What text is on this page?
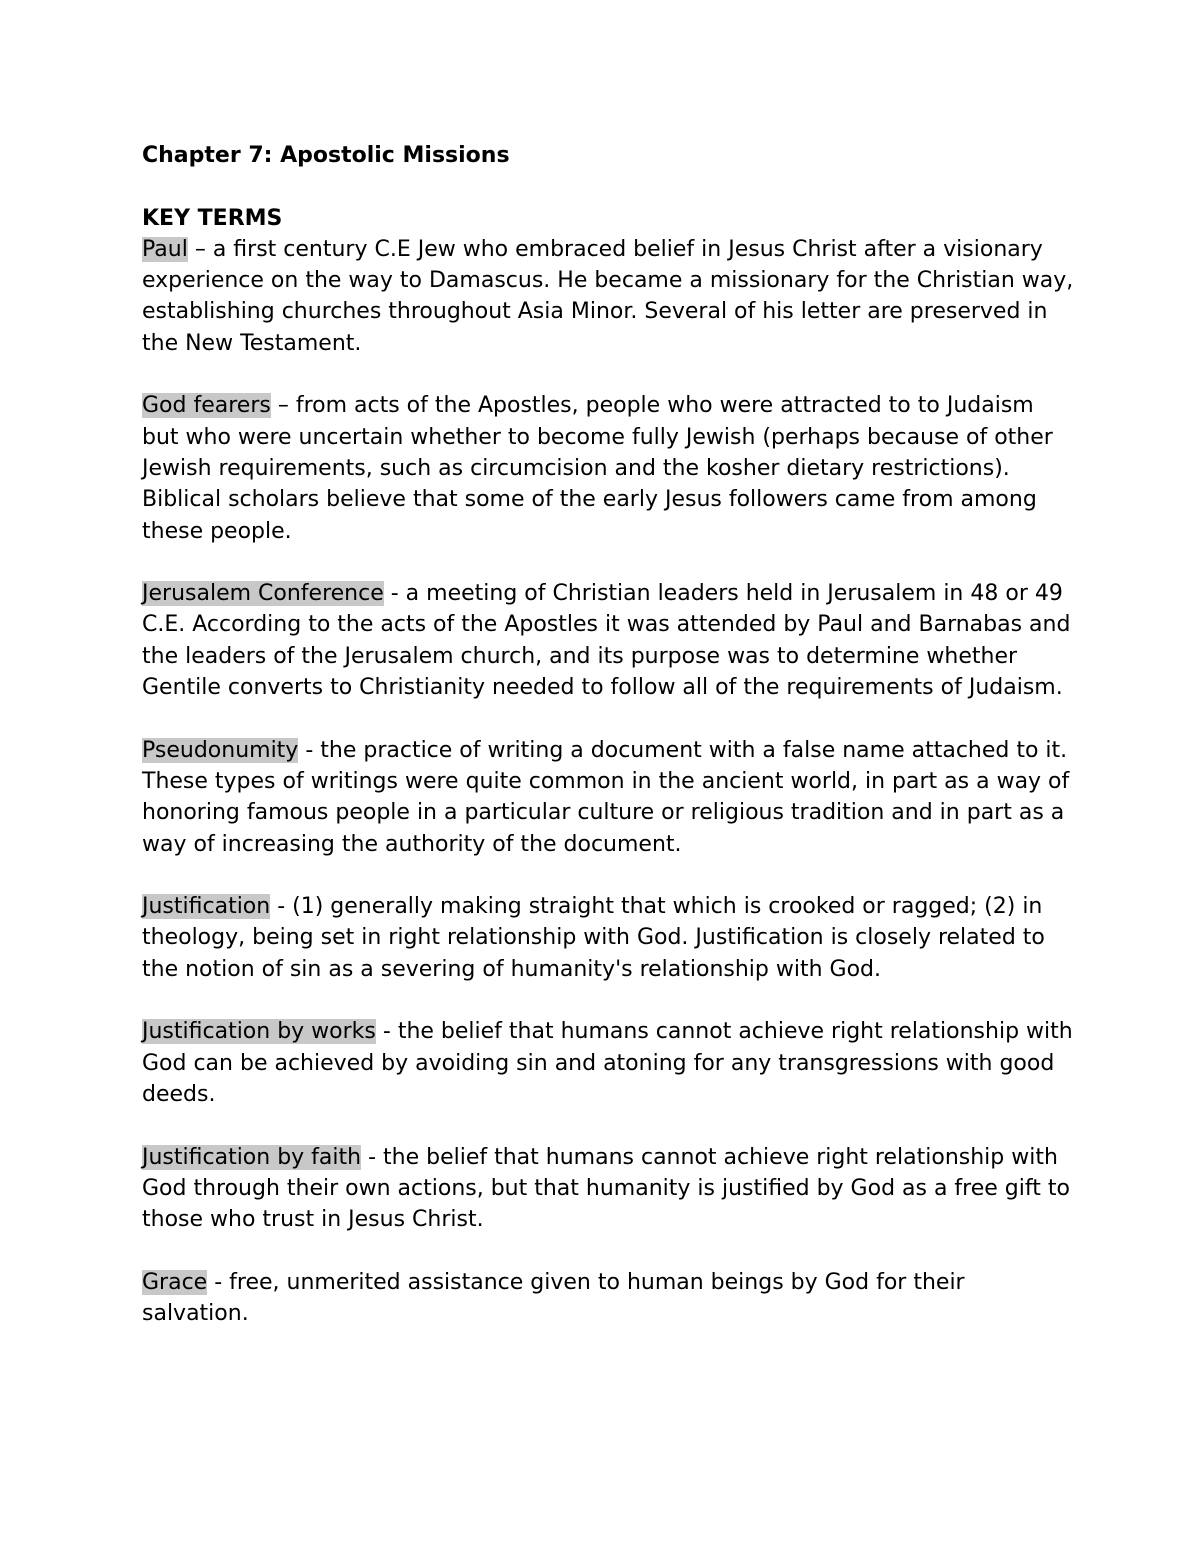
Chapter 7: Apostolic Missions
KEY TERMS
Paul – a first century C.E Jew who embraced belief in Jesus Christ after a visionary experience on the way to Damascus. He became a missionary for the Christian way, establishing churches throughout Asia Minor. Several of his letter are preserved in the New Testament.
God fearers – from acts of the Apostles, people who were attracted to to Judaism but who were uncertain whether to become fully Jewish (perhaps because of other Jewish requirements, such as circumcision and the kosher dietary restrictions). Biblical scholars believe that some of the early Jesus followers came from among these people.
Jerusalem Conference - a meeting of Christian leaders held in Jerusalem in 48 or 49 C.E. According to the acts of the Apostles it was attended by Paul and Barnabas and the leaders of the Jerusalem church, and its purpose was to determine whether Gentile converts to Christianity needed to follow all of the requirements of Judaism.
Pseudonumity - the practice of writing a document with a false name attached to it. These types of writings were quite common in the ancient world, in part as a way of honoring famous people in a particular culture or religious tradition and in part as a way of increasing the authority of the document.
Justification - (1) generally making straight that which is crooked or ragged; (2) in theology, being set in right relationship with God. Justification is closely related to the notion of sin as a severing of humanity's relationship with God.
Justification by works - the belief that humans cannot achieve right relationship with God can be achieved by avoiding sin and atoning for any transgressions with good deeds.
Justification by faith - the belief that humans cannot achieve right relationship with God through their own actions, but that humanity is justified by God as a free gift to those who trust in Jesus Christ.
Grace - free, unmerited assistance given to human beings by God for their salvation.
